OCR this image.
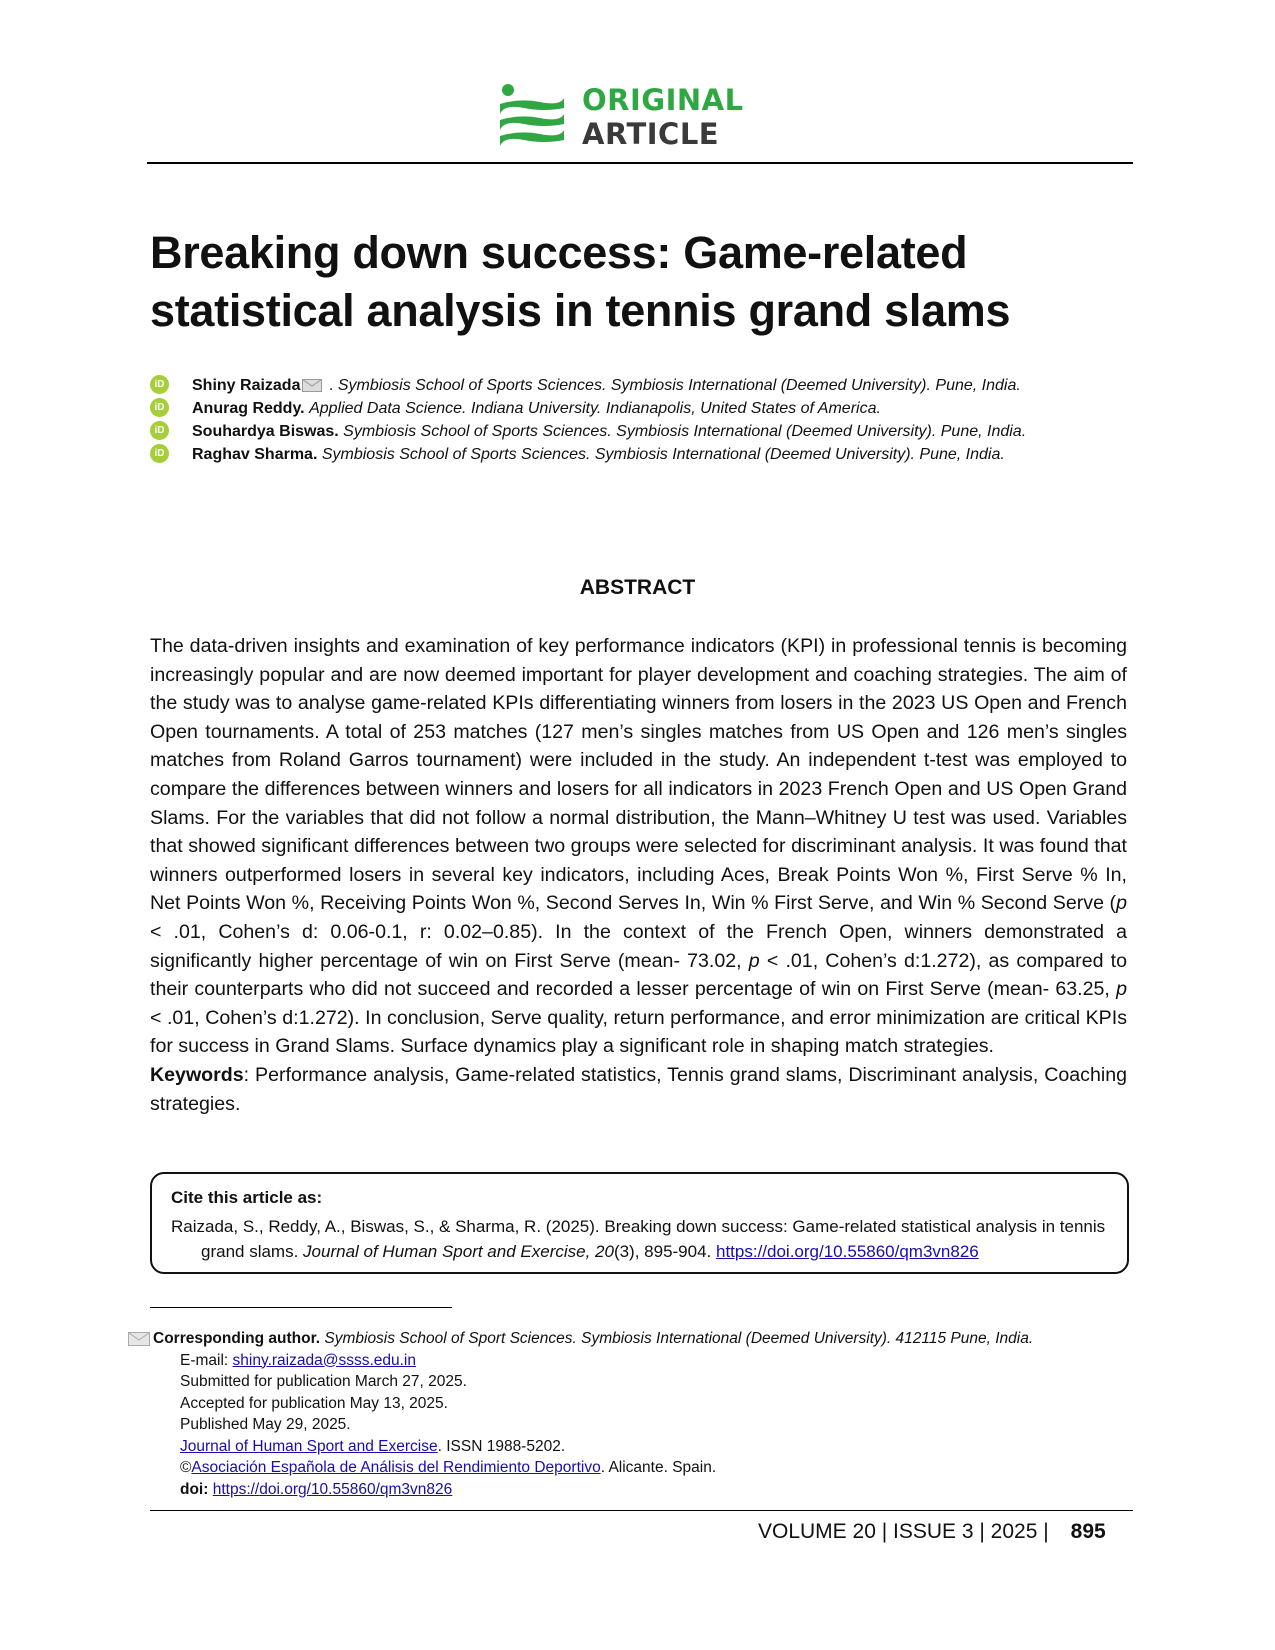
ORIGINAL
ARTICLE
Breaking down success: Game-related statistical analysis in tennis grand slams
iD Shiny Raizada . Symbiosis School of Sports Sciences. Symbiosis International (Deemed University). Pune, India.
iD Anurag Reddy. Applied Data Science. Indiana University. Indianapolis, United States of America.
iD Souhardya Biswas. Symbiosis School of Sports Sciences. Symbiosis International (Deemed University). Pune, India.
iD Raghav Sharma. Symbiosis School of Sports Sciences. Symbiosis International (Deemed University). Pune, India.
ABSTRACT

The data-driven insights and examination of key performance indicators (KPI) in professional tennis is becoming increasingly popular and are now deemed important for player development and coaching strategies. The aim of the study was to analyse game-related KPIs differentiating winners from losers in the 2023 US Open and French Open tournaments. A total of 253 matches (127 men’s singles matches from US Open and 126 men’s singles matches from Roland Garros tournament) were included in the study. An independent t-test was employed to compare the differences between winners and losers for all indicators in 2023 French Open and US Open Grand Slams. For the variables that did not follow a normal distribution, the Mann–Whitney U test was used. Variables that showed significant differences between two groups were selected for discriminant analysis. It was found that winners outperformed losers in several key indicators, including Aces, Break Points Won %, First Serve % In, Net Points Won %, Receiving Points Won %, Second Serves In, Win % First Serve, and Win % Second Serve (p < .01, Cohen’s d: 0.06-0.1, r: 0.02–0.85). In the context of the French Open, winners demonstrated a significantly higher percentage of win on First Serve (mean- 73.02, p < .01, Cohen’s d:1.272), as compared to their counterparts who did not succeed and recorded a lesser percentage of win on First Serve (mean- 63.25, p < .01, Cohen’s d:1.272). In conclusion, Serve quality, return performance, and error minimization are critical KPIs for success in Grand Slams. Surface dynamics play a significant role in shaping match strategies.

Keywords: Performance analysis, Game-related statistics, Tennis grand slams, Discriminant analysis, Coaching strategies.

Cite this article as:
Raizada, S., Reddy, A., Biswas, S., & Sharma, R. (2025). Breaking down success: Game-related statistical analysis in tennis grand slams. Journal of Human Sport and Exercise, 20(3), 895-904. https://doi.org/10.55860/qm3vn826
Corresponding author. Symbiosis School of Sport Sciences. Symbiosis International (Deemed University). 412115 Pune, India.
E-mail: shiny.raizada@ssss.edu.in
Submitted for publication March 27, 2025.
Accepted for publication May 13, 2025.
Published May 29, 2025.
Journal of Human Sport and Exercise. ISSN 1988-5202.
©Asociación Española de Análisis del Rendimiento Deportivo. Alicante. Spain.
doi: https://doi.org/10.55860/qm3vn826
VOLUME 20 | ISSUE 3 | 2025 | 895
